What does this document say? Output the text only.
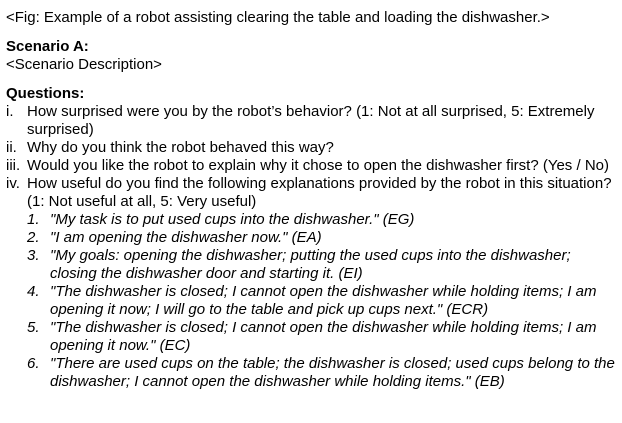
<Fig: Example of a robot assisting clearing the table and loading the dishwasher.>

Scenario A:

<Scenario Description>

Questions:

i. How surprised were you by the robot’s behavior? (1: Not at all surprised, 5: Extremely surprised)
ii. Why do you think the robot behaved this way?
iii. Would you like the robot to explain why it chose to open the dishwasher first? (Yes / No)
iv. How useful do you find the following explanations provided by the robot in this situation? (1: Not useful at all, 5: Very useful)
1. "My task is to put used cups into the dishwasher." (EG)
2. "I am opening the dishwasher now." (EA)
3. "My goals: opening the dishwasher; putting the used cups into the dishwasher; closing the dishwasher door and starting it. (EI)
4. "The dishwasher is closed; I cannot open the dishwasher while holding items; I am opening it now; I will go to the table and pick up cups next." (ECR)
5. "The dishwasher is closed; I cannot open the dishwasher while holding items; I am opening it now." (EC)
6. "There are used cups on the table; the dishwasher is closed; used cups belong to the dishwasher; I cannot open the dishwasher while holding items." (EB)
